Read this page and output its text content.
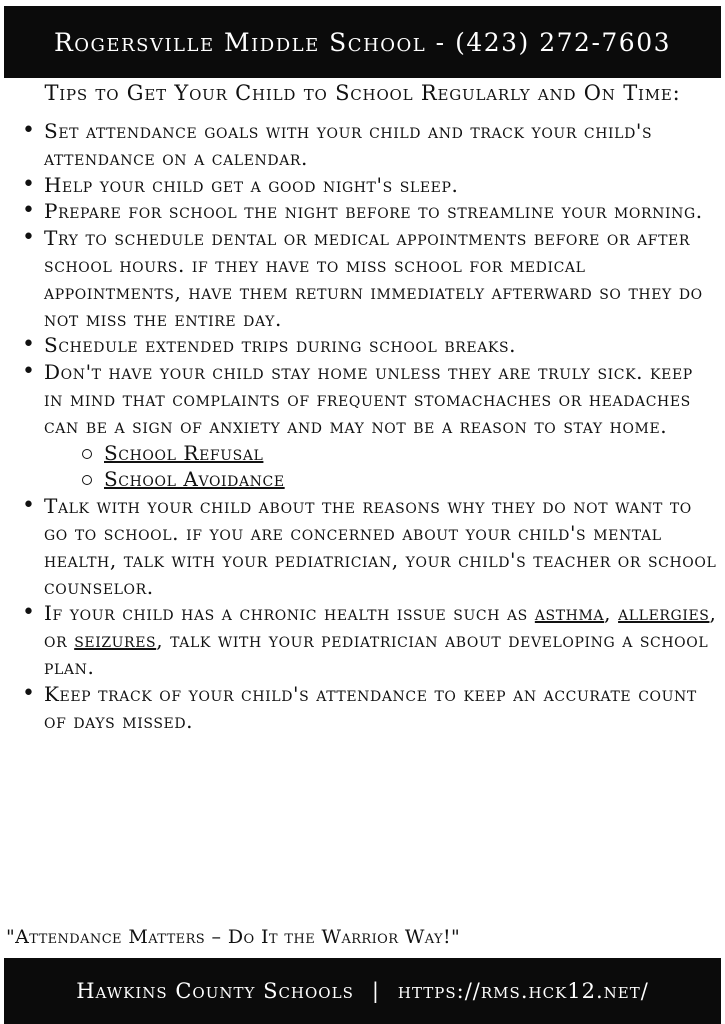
Rogersville Middle School - (423) 272-7603
Tips to Get Your Child to School Regularly and On Time:
• set attendance goals with your child and track your child's attendance on a calendar.
• help your child get a good night's sleep.
• prepare for school the night before to streamline your morning.
• try to schedule dental or medical appointments before or after school hours. if they have to miss school for medical appointments, have them return immediately afterward so they do not miss the entire day.
• schedule extended trips during school breaks.
• don't have your child stay home unless they are truly sick. keep in mind that complaints of frequent stomachaches or headaches can be a sign of anxiety and may not be a reason to stay home.
School Refusal
School Avoidance
• talk with your child about the reasons why they do not want to go to school. if you are concerned about your child's mental health, talk with your pediatrician, your child's teacher or school counselor.
• if your child has a chronic health issue such as asthma, allergies, or seizures, talk with your pediatrician about developing a school plan.
• keep track of your child's attendance to keep an accurate count of days missed.
"Attendance Matters – Do It the Warrior Way!"
Hawkins County Schools | https://rms.hck12.net/
